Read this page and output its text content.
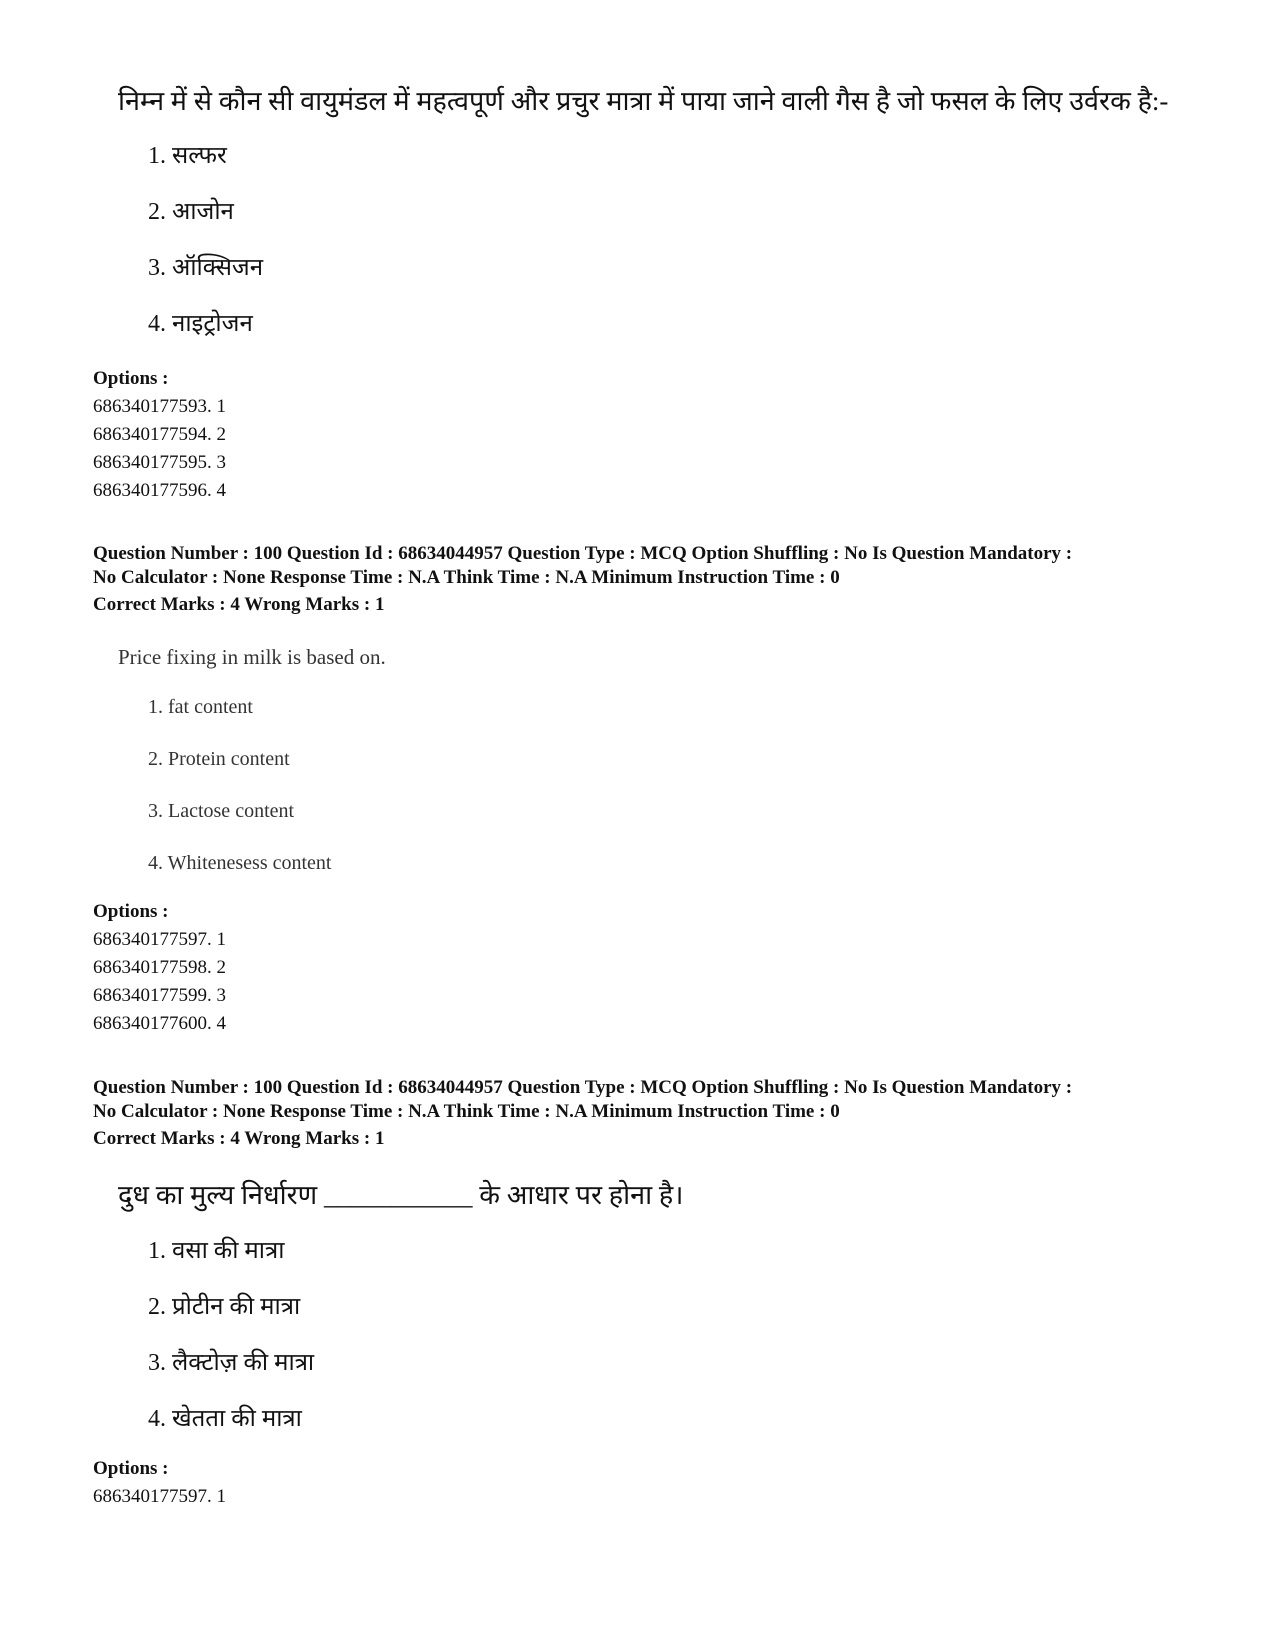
निम्न में से कौन सी वायुमंडल में महत्वपूर्ण और प्रचुर मात्रा में पाया जाने वाली गैस है जो फसल के लिए उर्वरक है:-
1. सल्फर
2. आजोन
3. ऑक्सिजन
4. नाइट्रोजन
Options :
686340177593. 1
686340177594. 2
686340177595. 3
686340177596. 4
Question Number : 100 Question Id : 68634044957 Question Type : MCQ Option Shuffling : No Is Question Mandatory :
No Calculator : None Response Time : N.A Think Time : N.A Minimum Instruction Time : 0
Correct Marks : 4 Wrong Marks : 1
Price fixing in milk is based on.
1. fat content
2. Protein content
3. Lactose content
4. Whitenesess content
Options :
686340177597. 1
686340177598. 2
686340177599. 3
686340177600. 4
Question Number : 100 Question Id : 68634044957 Question Type : MCQ Option Shuffling : No Is Question Mandatory :
No Calculator : None Response Time : N.A Think Time : N.A Minimum Instruction Time : 0
Correct Marks : 4 Wrong Marks : 1
दुध का मुल्य निर्धारण ___________ के आधार पर होना है।
1. वसा की मात्रा
2. प्रोटीन की मात्रा
3. लैक्टोज़ की मात्रा
4. खेतता की मात्रा
Options :
686340177597. 1
